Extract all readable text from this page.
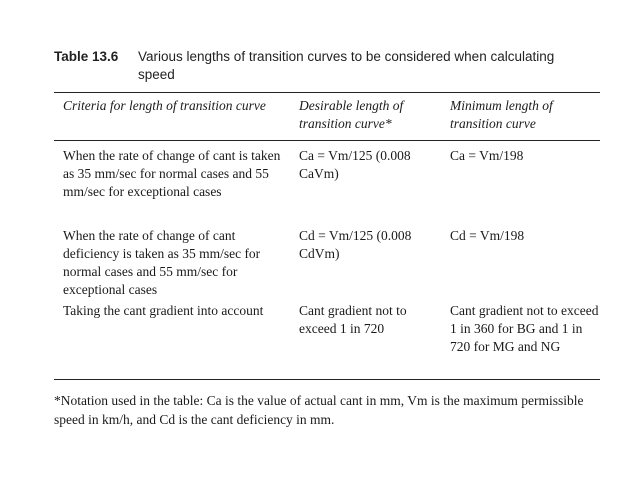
Table 13.6 Various lengths of transition curves to be considered when calculating speed
Criteria for length of transition curve	Desirable length of transition curve*
Minimum length of transition curve
When the rate of change of cant is taken as 35 mm/sec for normal cases and 55 mm/sec for exceptional cases
Ca = Vm/125 (0.008 CaVm)
Ca = Vm/198
When the rate of change of cant deficiency is taken as 35 mm/sec for normal cases and 55 mm/sec for exceptional cases
Cd = Vm/125 (0.008 CdVm)
Cd = Vm/198
Taking the cant gradient into account	Cant gradient not to exceed 1 in 720
Cant gradient not to exceed 1 in 360 for BG and 1 in 720 for MG and NG
*Notation used in the table: Ca is the value of actual cant in mm, Vm is the maximum permissible speed in km/h, and Cd is the cant deficiency in mm.
